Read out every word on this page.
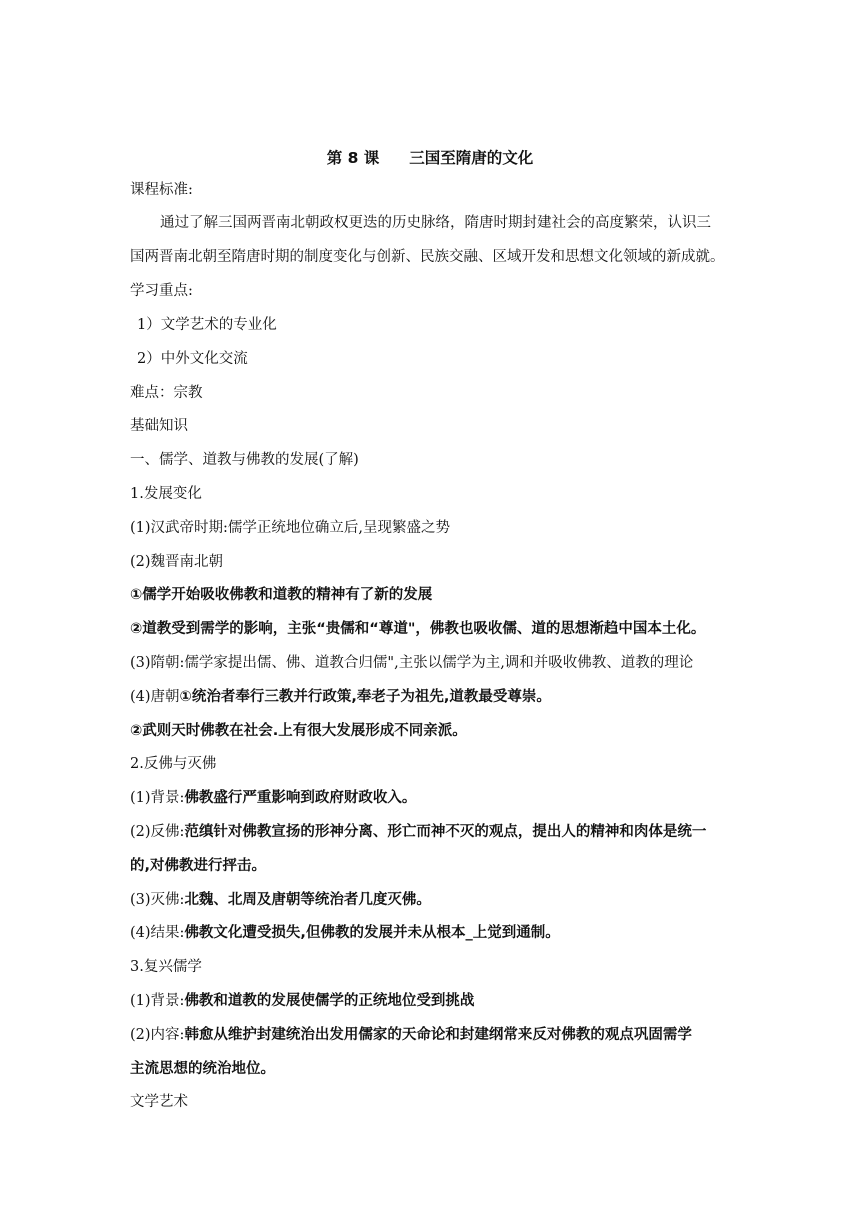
第 8 课 三国至隋唐的文化
课程标准:
通过了解三国两晋南北朝政权更迭的历史脉络，隋唐时期封建社会的高度繁荣，认识三
国两晋南北朝至隋唐时期的制度变化与创新、民族交融、区域开发和思想文化领域的新成就。
学习重点:
1）文学艺术的专业化
2）中外文化交流
难点：宗教
基础知识
一、儒学、道教与佛教的发展(了解)
1.发展变化
(1)汉武帝时期:儒学正统地位确立后,呈现繁盛之势
(2)魏晋南北朝
①儒学开始吸收佛教和道教的精神有了新的发展
②道教受到需学的影响，主张“贵儒和“尊道"，佛教也吸收儒、道的思想渐趋中国本土化。
(3)隋朝:儒学家提出儒、佛、道教合归儒",主张以儒学为主,调和并吸收佛教、道教的理论
(4)唐朝①统治者奉行三教并行政策,奉老子为祖先,道教最受尊崇。
②武则天时佛教在社会.上有很大发展形成不同亲派。
2.反佛与灭佛
(1)背景:佛教盛行严重影响到政府财政收入。
(2)反佛:范缜针对佛教宣扬的形神分离、形亡而神不灭的观点，提出人的精神和肉体是统一
的,对佛教进行抨击。
(3)灭佛:北魏、北周及唐朝等统治者几度灭佛。
(4)结果:佛教文化遭受损失,但佛教的发展并未从根本_上觉到通制。
3.复兴儒学
(1)背景:佛教和道教的发展使儒学的正统地位受到挑战
(2)内容:韩愈从维护封建统治出发用儒家的天命论和封建纲常来反对佛教的观点巩固需学
主流思想的统治地位。
文学艺术
